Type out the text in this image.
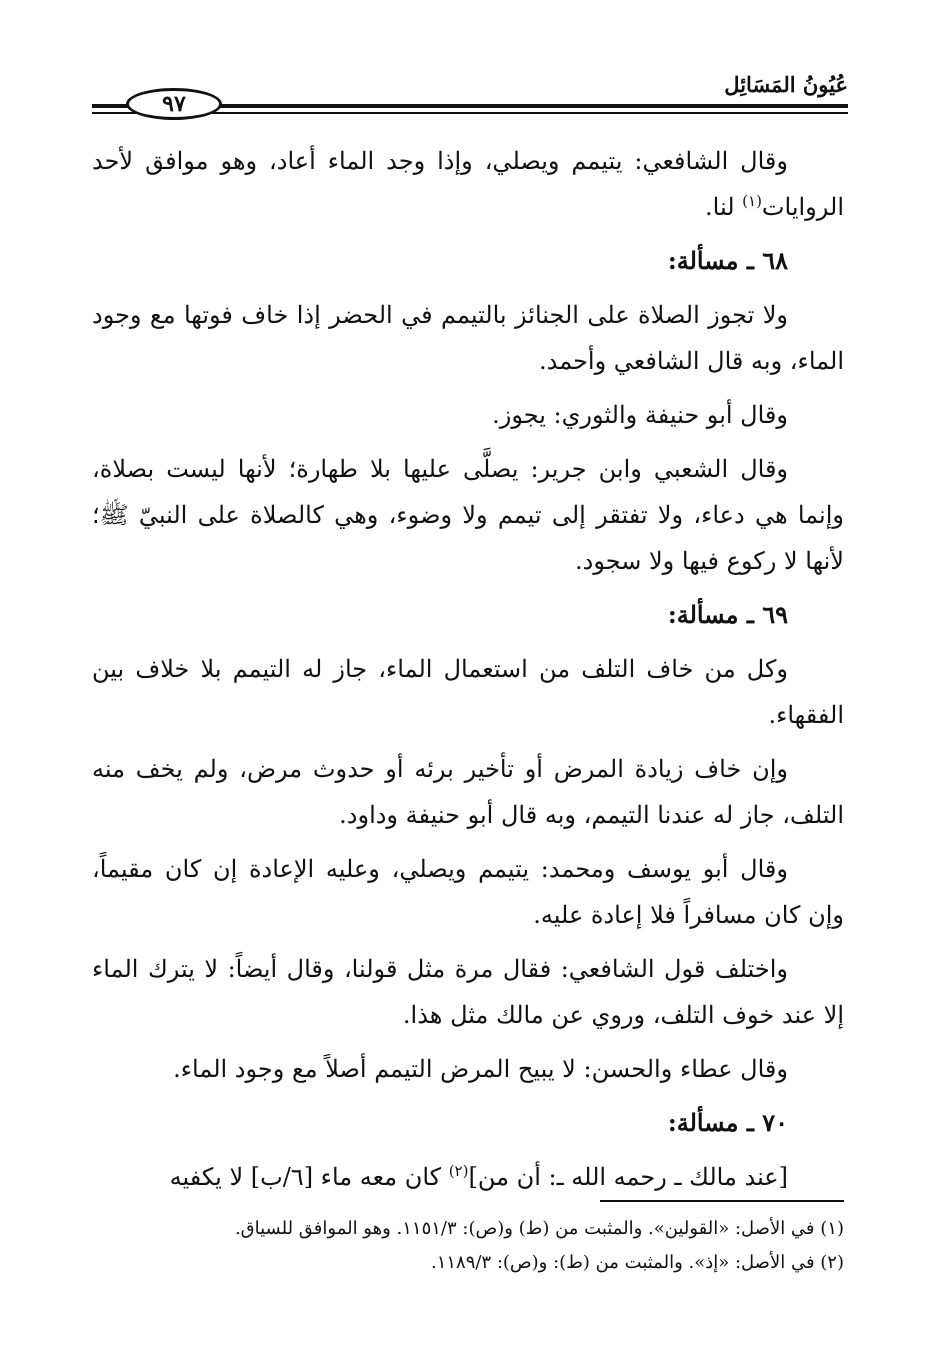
عُيُونُ المَسَائِل
٩٧

وقال الشافعي: يتيمم ويصلي، وإذا وجد الماء أعاد، وهو موافق لأحد الروايات$^{(١)}$ لنا.

٦٨ ـ مسألة:

ولا تجوز الصلاة على الجنائز بالتيمم في الحضر إذا خاف فوتها مع وجود الماء، وبه قال الشافعي وأحمد.

وقال أبو حنيفة والثوري: يجوز.

وقال الشعبي وابن جرير: يصلَّى عليها بلا طهارة؛ لأنها ليست بصلاة، وإنما هي دعاء، ولا تفتقر إلى تيمم ولا وضوء، وهي كالصلاة على النبيّ ﷺ؛ لأنها لا ركوع فيها ولا سجود.

٦٩ ـ مسألة:

وكل من خاف التلف من استعمال الماء، جاز له التيمم بلا خلاف بين الفقهاء.

وإن خاف زيادة المرض أو تأخير برئه أو حدوث مرض، ولم يخف منه التلف، جاز له عندنا التيمم، وبه قال أبو حنيفة وداود.

وقال أبو يوسف ومحمد: يتيمم ويصلي، وعليه الإعادة إن كان مقيماً، وإن كان مسافراً فلا إعادة عليه.

واختلف قول الشافعي: فقال مرة مثل قولنا، وقال أيضاً: لا يترك الماء إلا عند خوف التلف، وروي عن مالك مثل هذا.

وقال عطاء والحسن: لا يبيح المرض التيمم أصلاً مع وجود الماء.

٧٠ ـ مسألة:

[عند مالك ـ رحمه الله ـ: أن من]$^{(٢)}$ كان معه ماء [٦/ب] لا يكفيه

(١) في الأصل: «القولين». والمثبت من (ط) و(ص): ١١٥١/٣. وهو الموافق للسياق.
(٢) في الأصل: «إذ». والمثبت من (ط): و(ص): ١١٨٩/٣.
